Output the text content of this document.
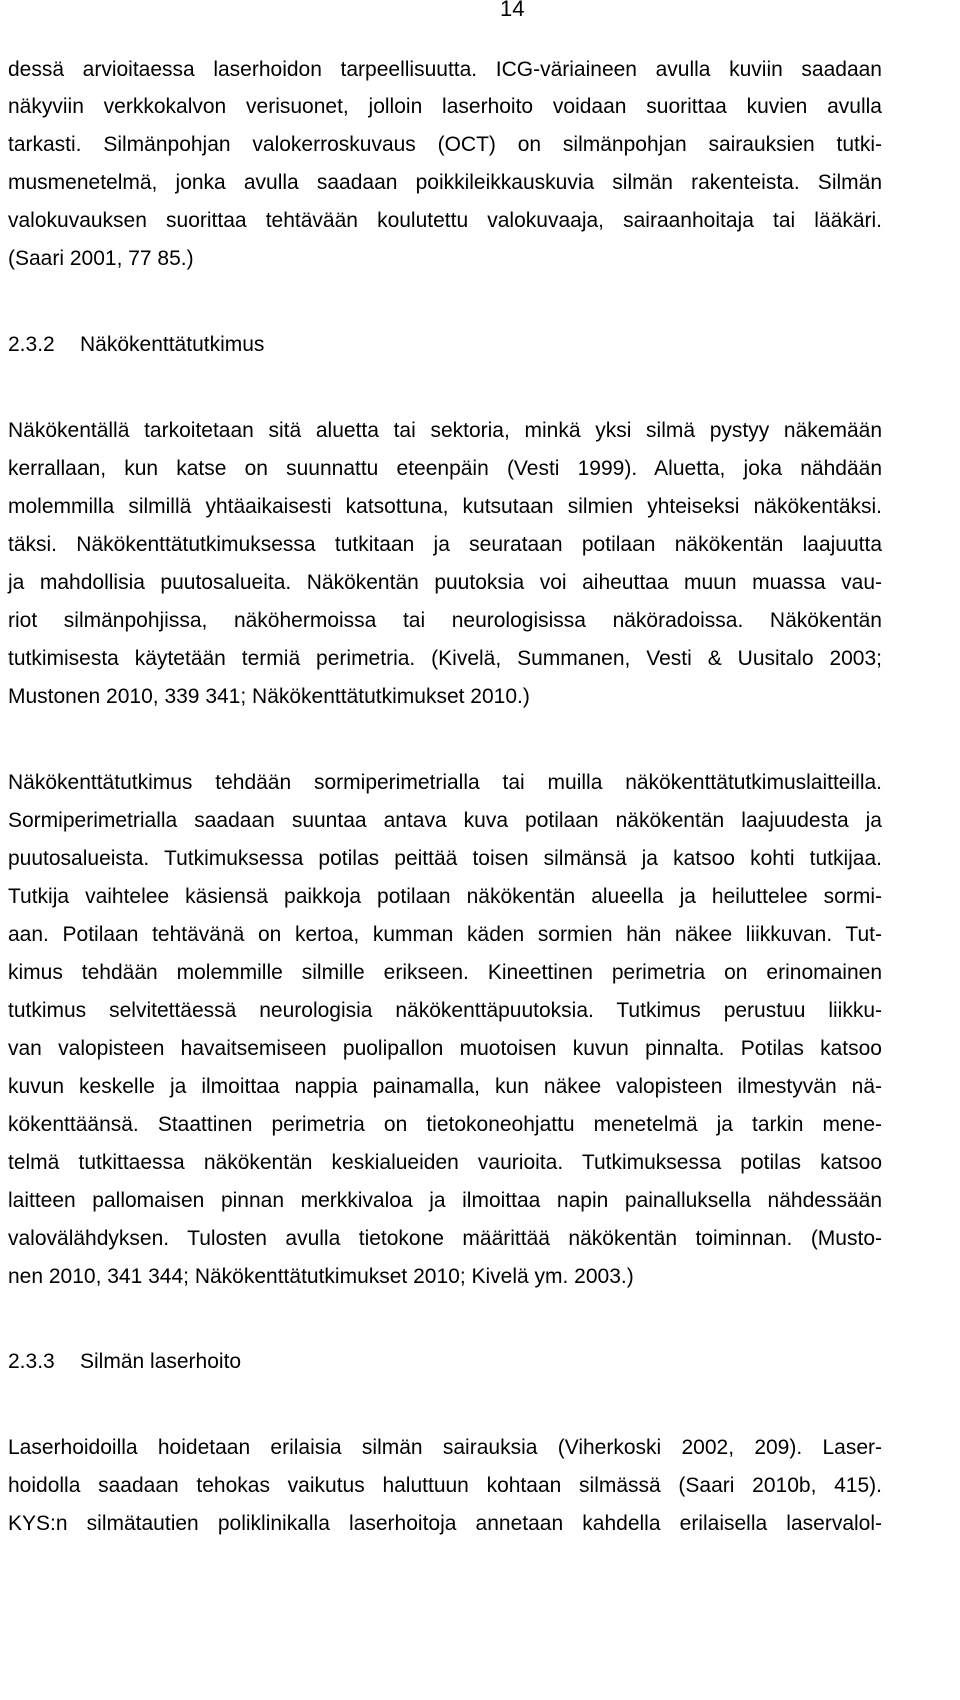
14
dessä arvioitaessa laserhoidon tarpeellisuutta. ICG-väriaineen avulla kuviin saadaan
näkyviin verkkokalvon verisuonet, jolloin laserhoito voidaan suorittaa kuvien avulla
tarkasti. Silmänpohjan valokerroskuvaus (OCT) on silmänpohjan sairauksien tutki-
musmenetelmä, jonka avulla saadaan poikkileikkauskuvia silmän rakenteista. Silmän
valokuvauksen suorittaa tehtävään koulutettu valokuvaaja, sairaanhoitaja tai lääkäri.
(Saari 2001, 77 85.)
2.3.2 Näkökenttätutkimus
Näkökentällä tarkoitetaan sitä aluetta tai sektoria, minkä yksi silmä pystyy näkemään
kerrallaan, kun katse on suunnattu eteenpäin (Vesti 1999). Aluetta, joka nähdään
molemmilla silmillä yhtäaikaisesti katsottuna, kutsutaan silmien yhteiseksi näkökentäksi.
täksi. Näkökenttätutkimuksessa tutkitaan ja seurataan potilaan näkökentän laajuutta
ja mahdollisia puutosalueita. Näkökentän puutoksia voi aiheuttaa muun muassa vau-
riot silmänpohjissa, näköhermoissa tai neurologisissa näköradoissa. Näkökentän
tutkimisesta käytetään termiä perimetria. (Kivelä, Summanen, Vesti & Uusitalo 2003;
Mustonen 2010, 339 341; Näkökenttätutkimukset 2010.)
Näkökenttätutkimus tehdään sormiperimetrialla tai muilla näkökenttätutkimuslaitteilla.
Sormiperimetrialla saadaan suuntaa antava kuva potilaan näkökentän laajuudesta ja
puutosalueista. Tutkimuksessa potilas peittää toisen silmänsä ja katsoo kohti tutkijaa.
Tutkija vaihtelee käsiensä paikkoja potilaan näkökentän alueella ja heiluttelee sormi-
aan. Potilaan tehtävänä on kertoa, kumman käden sormien hän näkee liikkuvan. Tut-
kimus tehdään molemmille silmille erikseen. Kineettinen perimetria on erinomainen
tutkimus selvitettäessä neurologisia näkökenttäpuutoksia. Tutkimus perustuu liikku-
van valopisteen havaitsemiseen puolipallon muotoisen kuvun pinnalta. Potilas katsoo
kuvun keskelle ja ilmoittaa nappia painamalla, kun näkee valopisteen ilmestyvän nä-
kökenttäänsä. Staattinen perimetria on tietokoneohjattu menetelmä ja tarkin mene-
telmä tutkittaessa näkökentän keskialueiden vaurioita. Tutkimuksessa potilas katsoo
laitteen pallomaisen pinnan merkkivaloa ja ilmoittaa napin painalluksella nähdessään
valovälähdyksen. Tulosten avulla tietokone määrittää näkökentän toiminnan. (Musto-
nen 2010, 341 344; Näkökenttätutkimukset 2010; Kivelä ym. 2003.)
2.3.3 Silmän laserhoito
Laserhoidoilla hoidetaan erilaisia silmän sairauksia (Viherkoski 2002, 209). Laser-
hoidolla saadaan tehokas vaikutus haluttuun kohtaan silmässä (Saari 2010b, 415).
KYS:n silmätautien poliklinikalla laserhoitoja annetaan kahdella erilaisella laservalol-
